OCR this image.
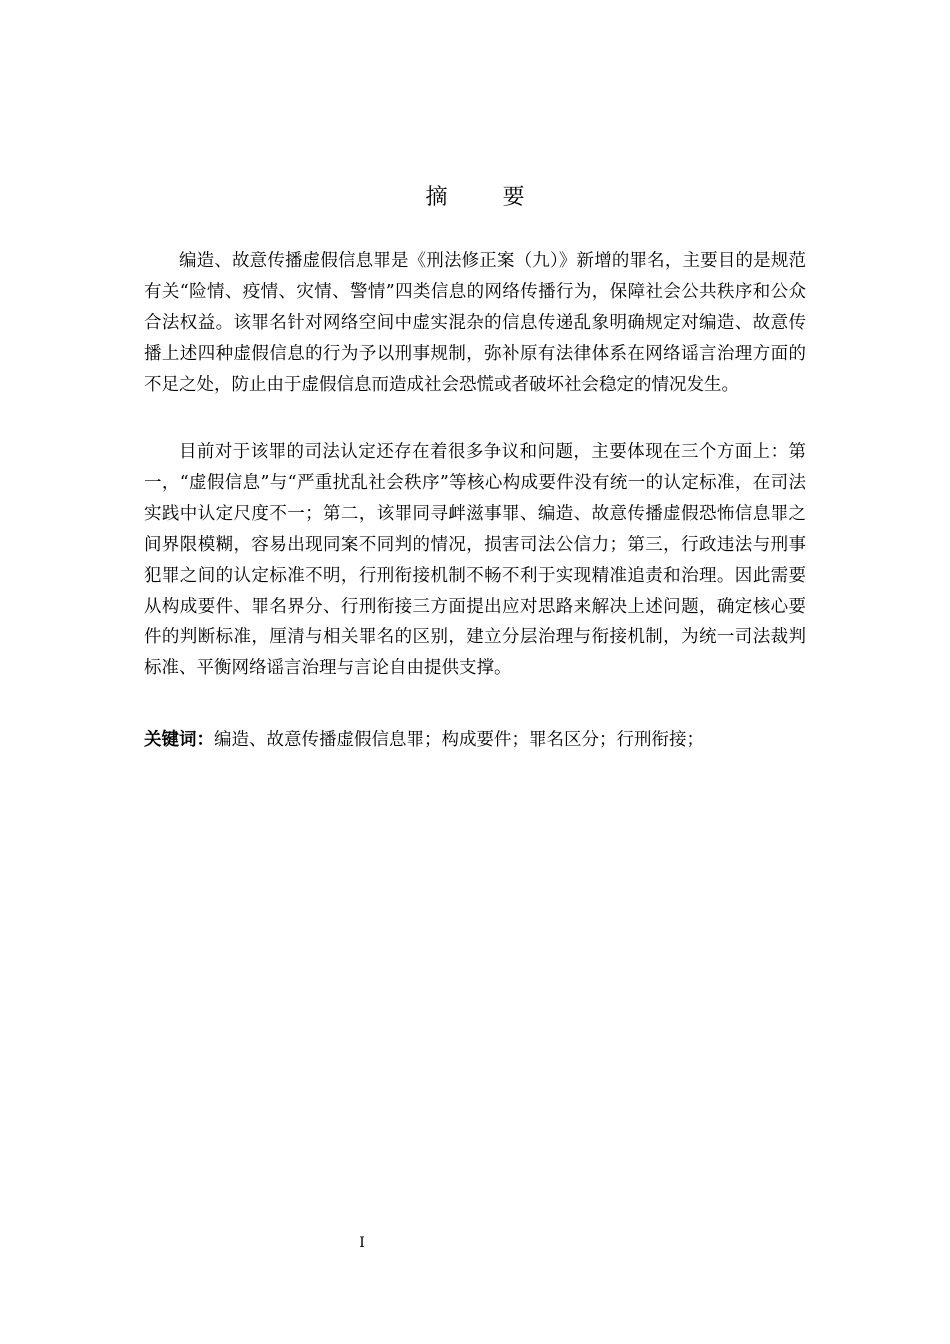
摘 要

编造、故意传播虚假信息罪是《刑法修正案（九）》新增的罪名，主要目的是规范有关“险情、疫情、灾情、警情”四类信息的网络传播行为，保障社会公共秩序和公众合法权益。该罪名针对网络空间中虚实混杂的信息传递乱象明确规定对编造、故意传播上述四种虚假信息的行为予以刑事规制，弥补原有法律体系在网络谣言治理方面的不足之处，防止由于虚假信息而造成社会恐慌或者破坏社会稳定的情况发生。

目前对于该罪的司法认定还存在着很多争议和问题，主要体现在三个方面上：第一，“虚假信息”与“严重扰乱社会秩序”等核心构成要件没有统一的认定标准，在司法实践中认定尺度不一；第二，该罪同寻衅滋事罪、编造、故意传播虚假恐怖信息罪之间界限模糊，容易出现同案不同判的情况，损害司法公信力；第三，行政违法与刑事犯罪之间的认定标准不明，行刑衔接机制不畅不利于实现精准追责和治理。因此需要从构成要件、罪名界分、行刑衔接三方面提出应对思路来解决上述问题，确定核心要件的判断标准，厘清与相关罪名的区别，建立分层治理与衔接机制，为统一司法裁判标准、平衡网络谣言治理与言论自由提供支撑。

关键词：编造、故意传播虚假信息罪；构成要件；罪名区分；行刑衔接；
I
